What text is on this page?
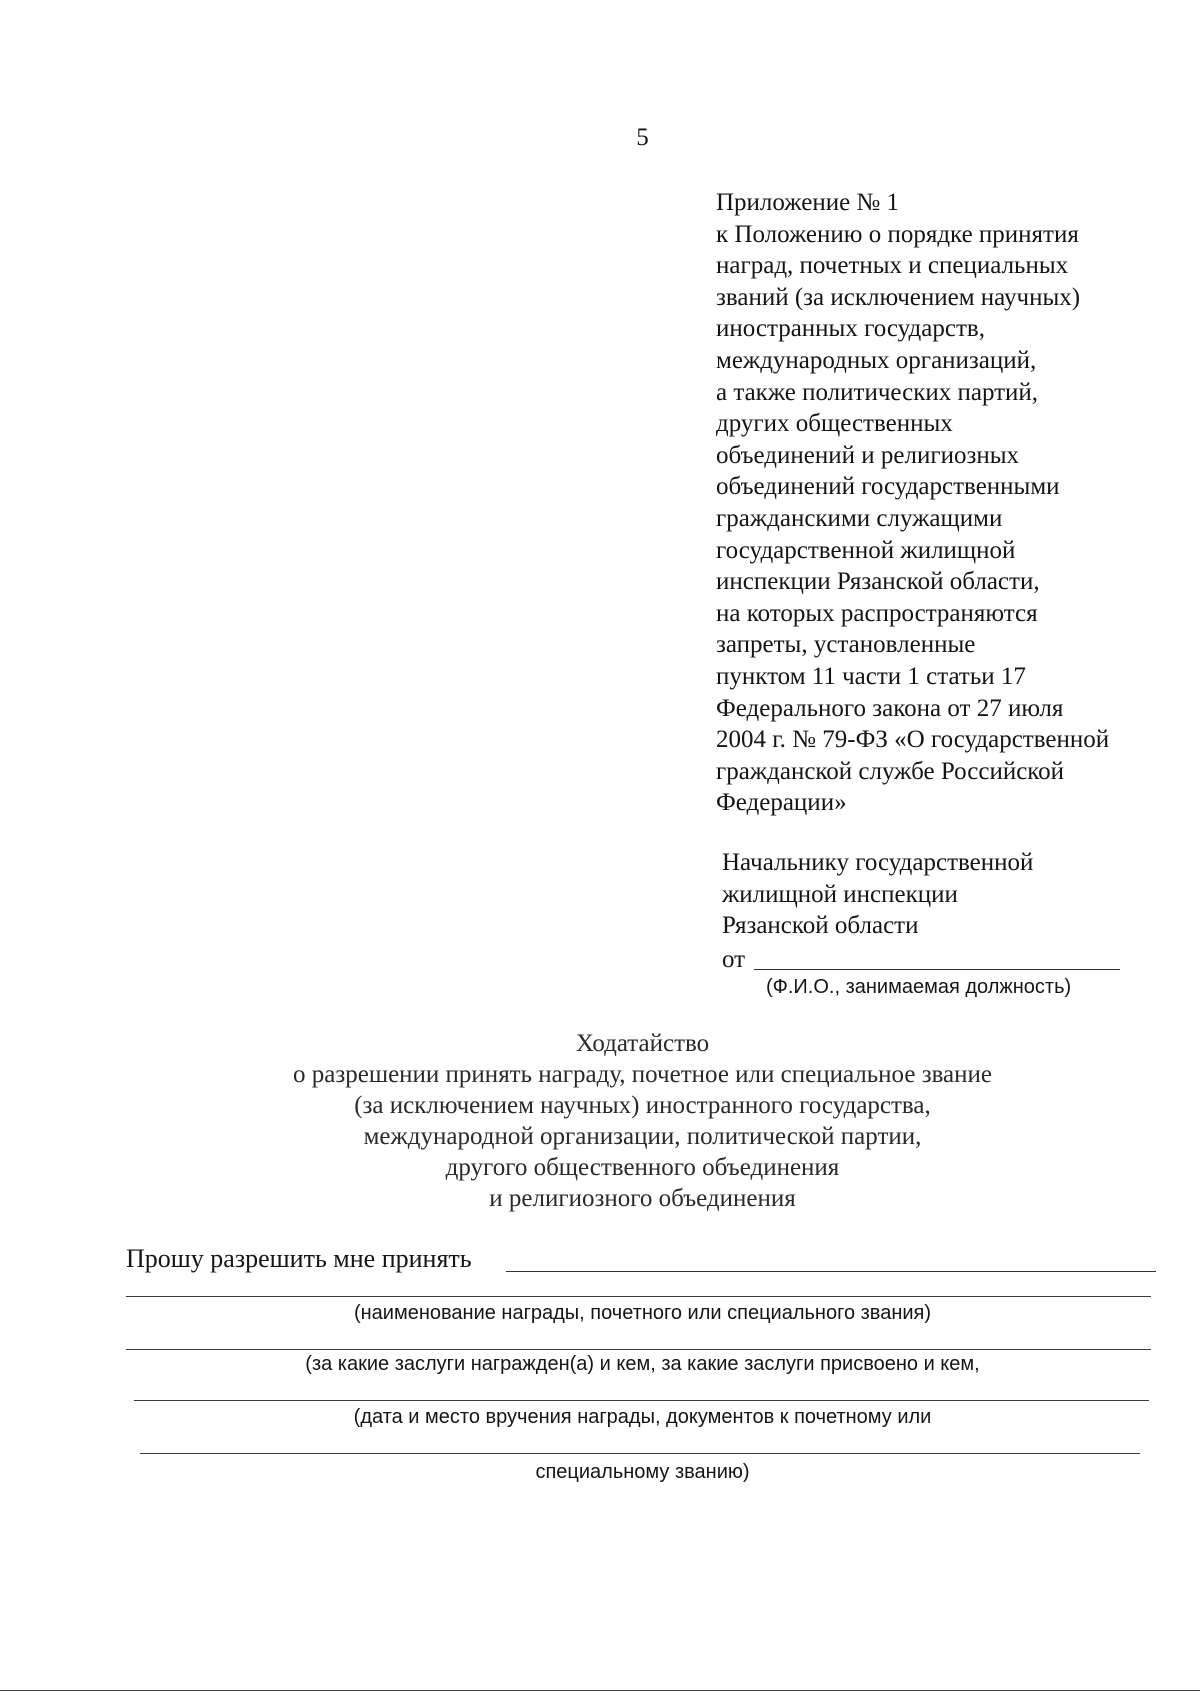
5
Приложение № 1
к Положению о порядке принятия
наград, почетных и специальных
званий (за исключением научных)
иностранных государств,
международных организаций,
а также политических партий,
других общественных
объединений и религиозных
объединений государственными
гражданскими служащими
государственной жилищной
инспекции Рязанской области,
на которых распространяются
запреты, установленные
пунктом 11 части 1 статьи 17
Федерального закона от 27 июля
2004 г. № 79-ФЗ «О государственной
гражданской службе Российской
Федерации»
Начальнику государственной
жилищной инспекции
Рязанской области
от
(Ф.И.О., занимаемая должность)
Ходатайство
о разрешении принять награду, почетное или специальное звание
(за исключением научных) иностранного государства,
международной организации, политической партии,
другого общественного объединения
и религиозного объединения
Прошу разрешить мне принять
(наименование награды, почетного или специального звания)
(за какие заслуги награжден(а) и кем, за какие заслуги присвоено и кем,
(дата и место вручения награды, документов к почетному или
специальному званию)
